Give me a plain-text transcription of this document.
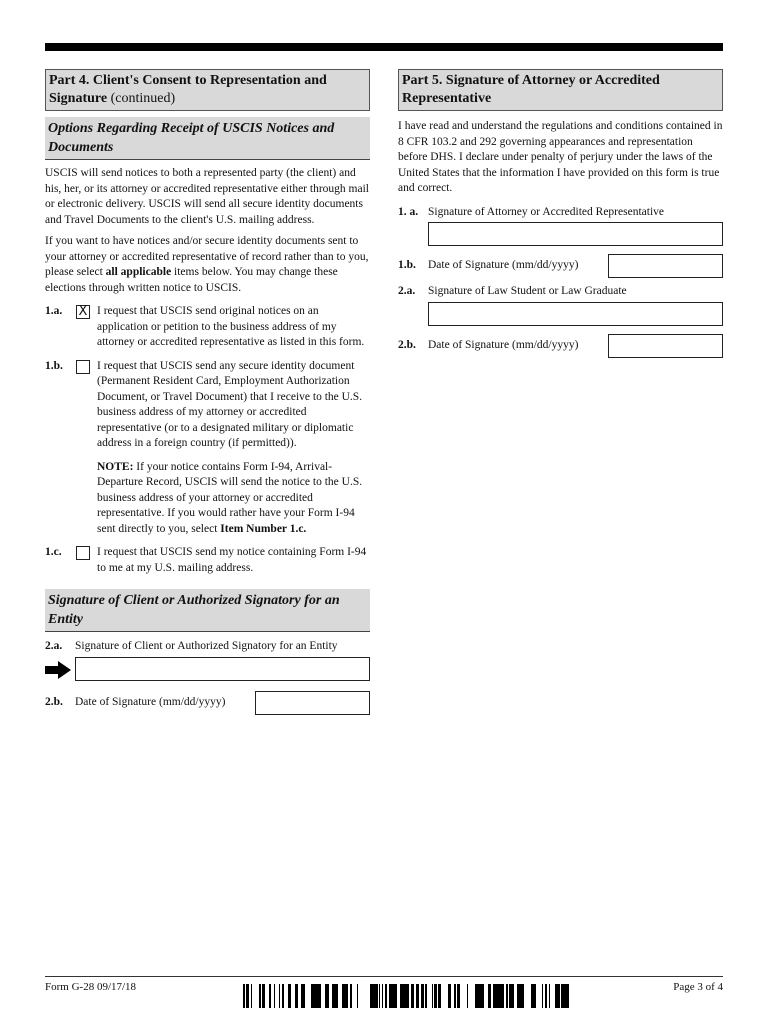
Part 4. Client's Consent to Representation and Signature (continued)
Options Regarding Receipt of USCIS Notices and Documents

USCIS will send notices to both a represented party (the client) and his, her, or its attorney or accredited representative either through mail or electronic delivery. USCIS will send all secure identity documents and Travel Documents to the client's U.S. mailing address.

If you want to have notices and/or secure identity documents sent to your attorney or accredited representative of record rather than to you, please select all applicable items below. You may change these elections through written notice to USCIS.

1.a. X I request that USCIS send original notices on an application or petition to the business address of my attorney or accredited representative as listed in this form.
1.b.	I request that USCIS send any secure identity document (Permanent Resident Card, Employment Authorization Document, or Travel Document) that I receive to the U.S. business address of my attorney or accredited representative (or to a designated military or diplomatic address in a foreign country (if permitted)).

NOTE: If your notice contains Form I-94, Arrival-Departure Record, USCIS will send the notice to the U.S. business address of your attorney or accredited representative. If you would rather have your Form I-94 sent directly to you, select Item Number 1.c.

1.c.	I request that USCIS send my notice containing Form I-94 to me at my U.S. mailing address.
Signature of Client or Authorized Signatory for an Entity
2.a. Signature of Client or Authorized Signatory for an Entity
2.b. Date of Signature (mm/dd/yyyy)
Part 5. Signature of Attorney or Accredited Representative

I have read and understand the regulations and conditions contained in 8 CFR 103.2 and 292 governing appearances and representation before DHS. I declare under penalty of perjury under the laws of the United States that the information I have provided on this form is true and correct.

1. a. Signature of Attorney or Accredited Representative
1.b. Date of Signature (mm/dd/yyyy)
2.a. Signature of Law Student or Law Graduate
2.b. Date of Signature (mm/dd/yyyy)
Form G-28 09/17/18	Page 3 of 4
